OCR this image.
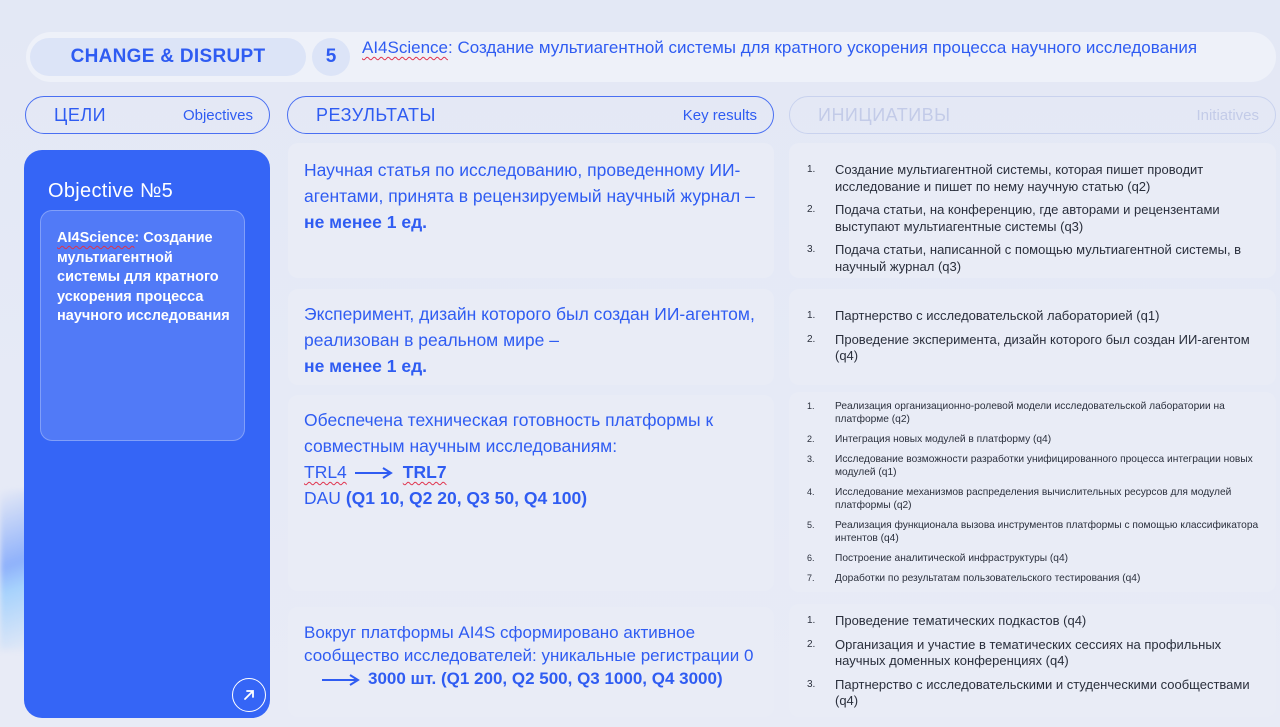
CHANGE & DISRUPT	5	AI4Science: Создание мультиагентной системы для кратного ускорения процесса научного исследования
ЦЕЛИ	Objectives	РЕЗУЛЬТАТЫ	Key results	ИНИЦИАТИВЫ	Initiatives
Objective №5
AI4Science: Создание мультиагентной системы для кратного ускорения процесса научного исследования
Научная статья по исследованию, проведенному ИИ-агентами, принята в рецензируемый научный журнал – не менее 1 ед.
Эксперимент, дизайн которого был создан ИИ-агентом, реализован в реальном мире –
не менее 1 ед.
Обеспечена техническая готовность платформы к совместным научным исследованиям:
TRL4	TRL7
DAU (Q1 10, Q2 20, Q3 50, Q4 100)
Вокруг платформы AI4S сформировано активное сообщество исследователей: уникальные регистрации 03000 шт. (Q1 200, Q2 500, Q3 1000, Q4 3000)
1.	Создание мультиагентной системы, которая пишет проводит исследование и пишет по нему научную статью (q2)
2.	Подача статьи, на конференцию, где авторами и рецензентами выступают мультиагентные системы (q3)
3.	Подача статьи, написанной с помощью мультиагентной системы, в научный журнал (q3)
1.	Партнерство с исследовательской лабораторией (q1)
2.	Проведение эксперимента, дизайн которого был создан ИИ-агентом (q4)
1.	Реализация организационно-ролевой модели исследовательской лаборатории на платформе (q2)
2.	Интеграция новых модулей в платформу (q4)
3.	Исследование возможности разработки унифицированного процесса интеграции новых модулей (q1)
4.	Исследование механизмов распределения вычислительных ресурсов для модулей платформы (q2)
5.	Реализация функционала вызова инструментов платформы с помощью классификатора интентов (q4)
6.	Построение аналитической инфраструктуры (q4)
7.	Доработки по результатам пользовательского тестирования (q4)
1.	Проведение тематических подкастов (q4)
2.	Организация и участие в тематических сессиях на профильных научных доменных конференциях (q4)
3.	Партнерство с исследовательскими и студенческими сообществами (q4)
